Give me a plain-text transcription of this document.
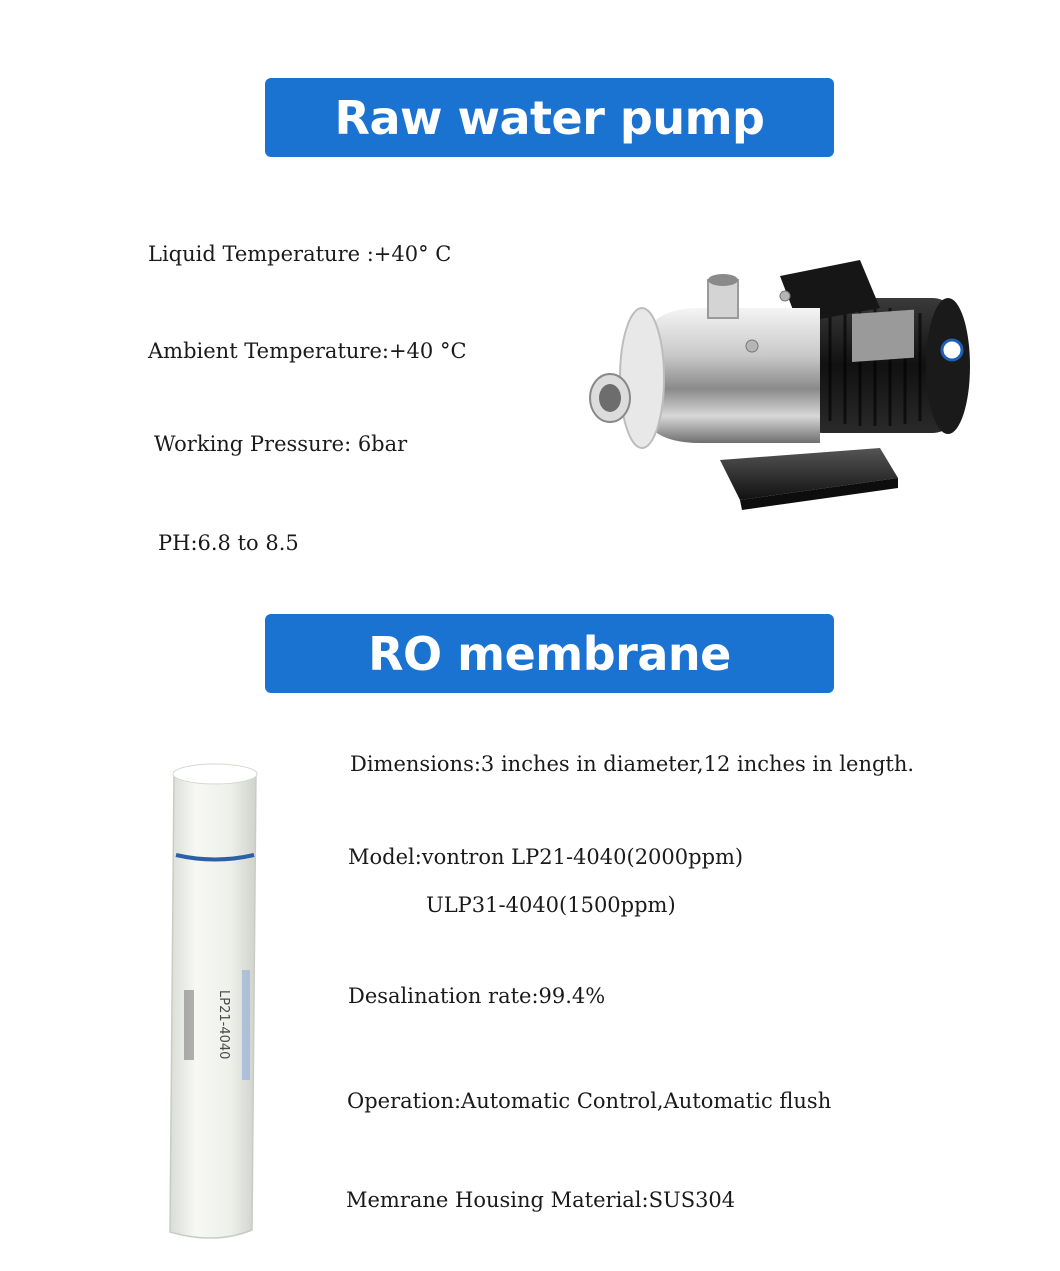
Raw water pump
Liquid Temperature :+40° C
Ambient Temperature:+40 °C
Working Pressure: 6bar
PH:6.8 to 8.5
RO membrane
LP21-4040
Dimensions:3 inches in diameter,12 inches in length.
Model:vontron LP21-4040(2000ppm)
ULP31-4040(1500ppm)
Desalination rate:99.4%
Operation:Automatic Control,Automatic flush
Memrane Housing Material:SUS304
